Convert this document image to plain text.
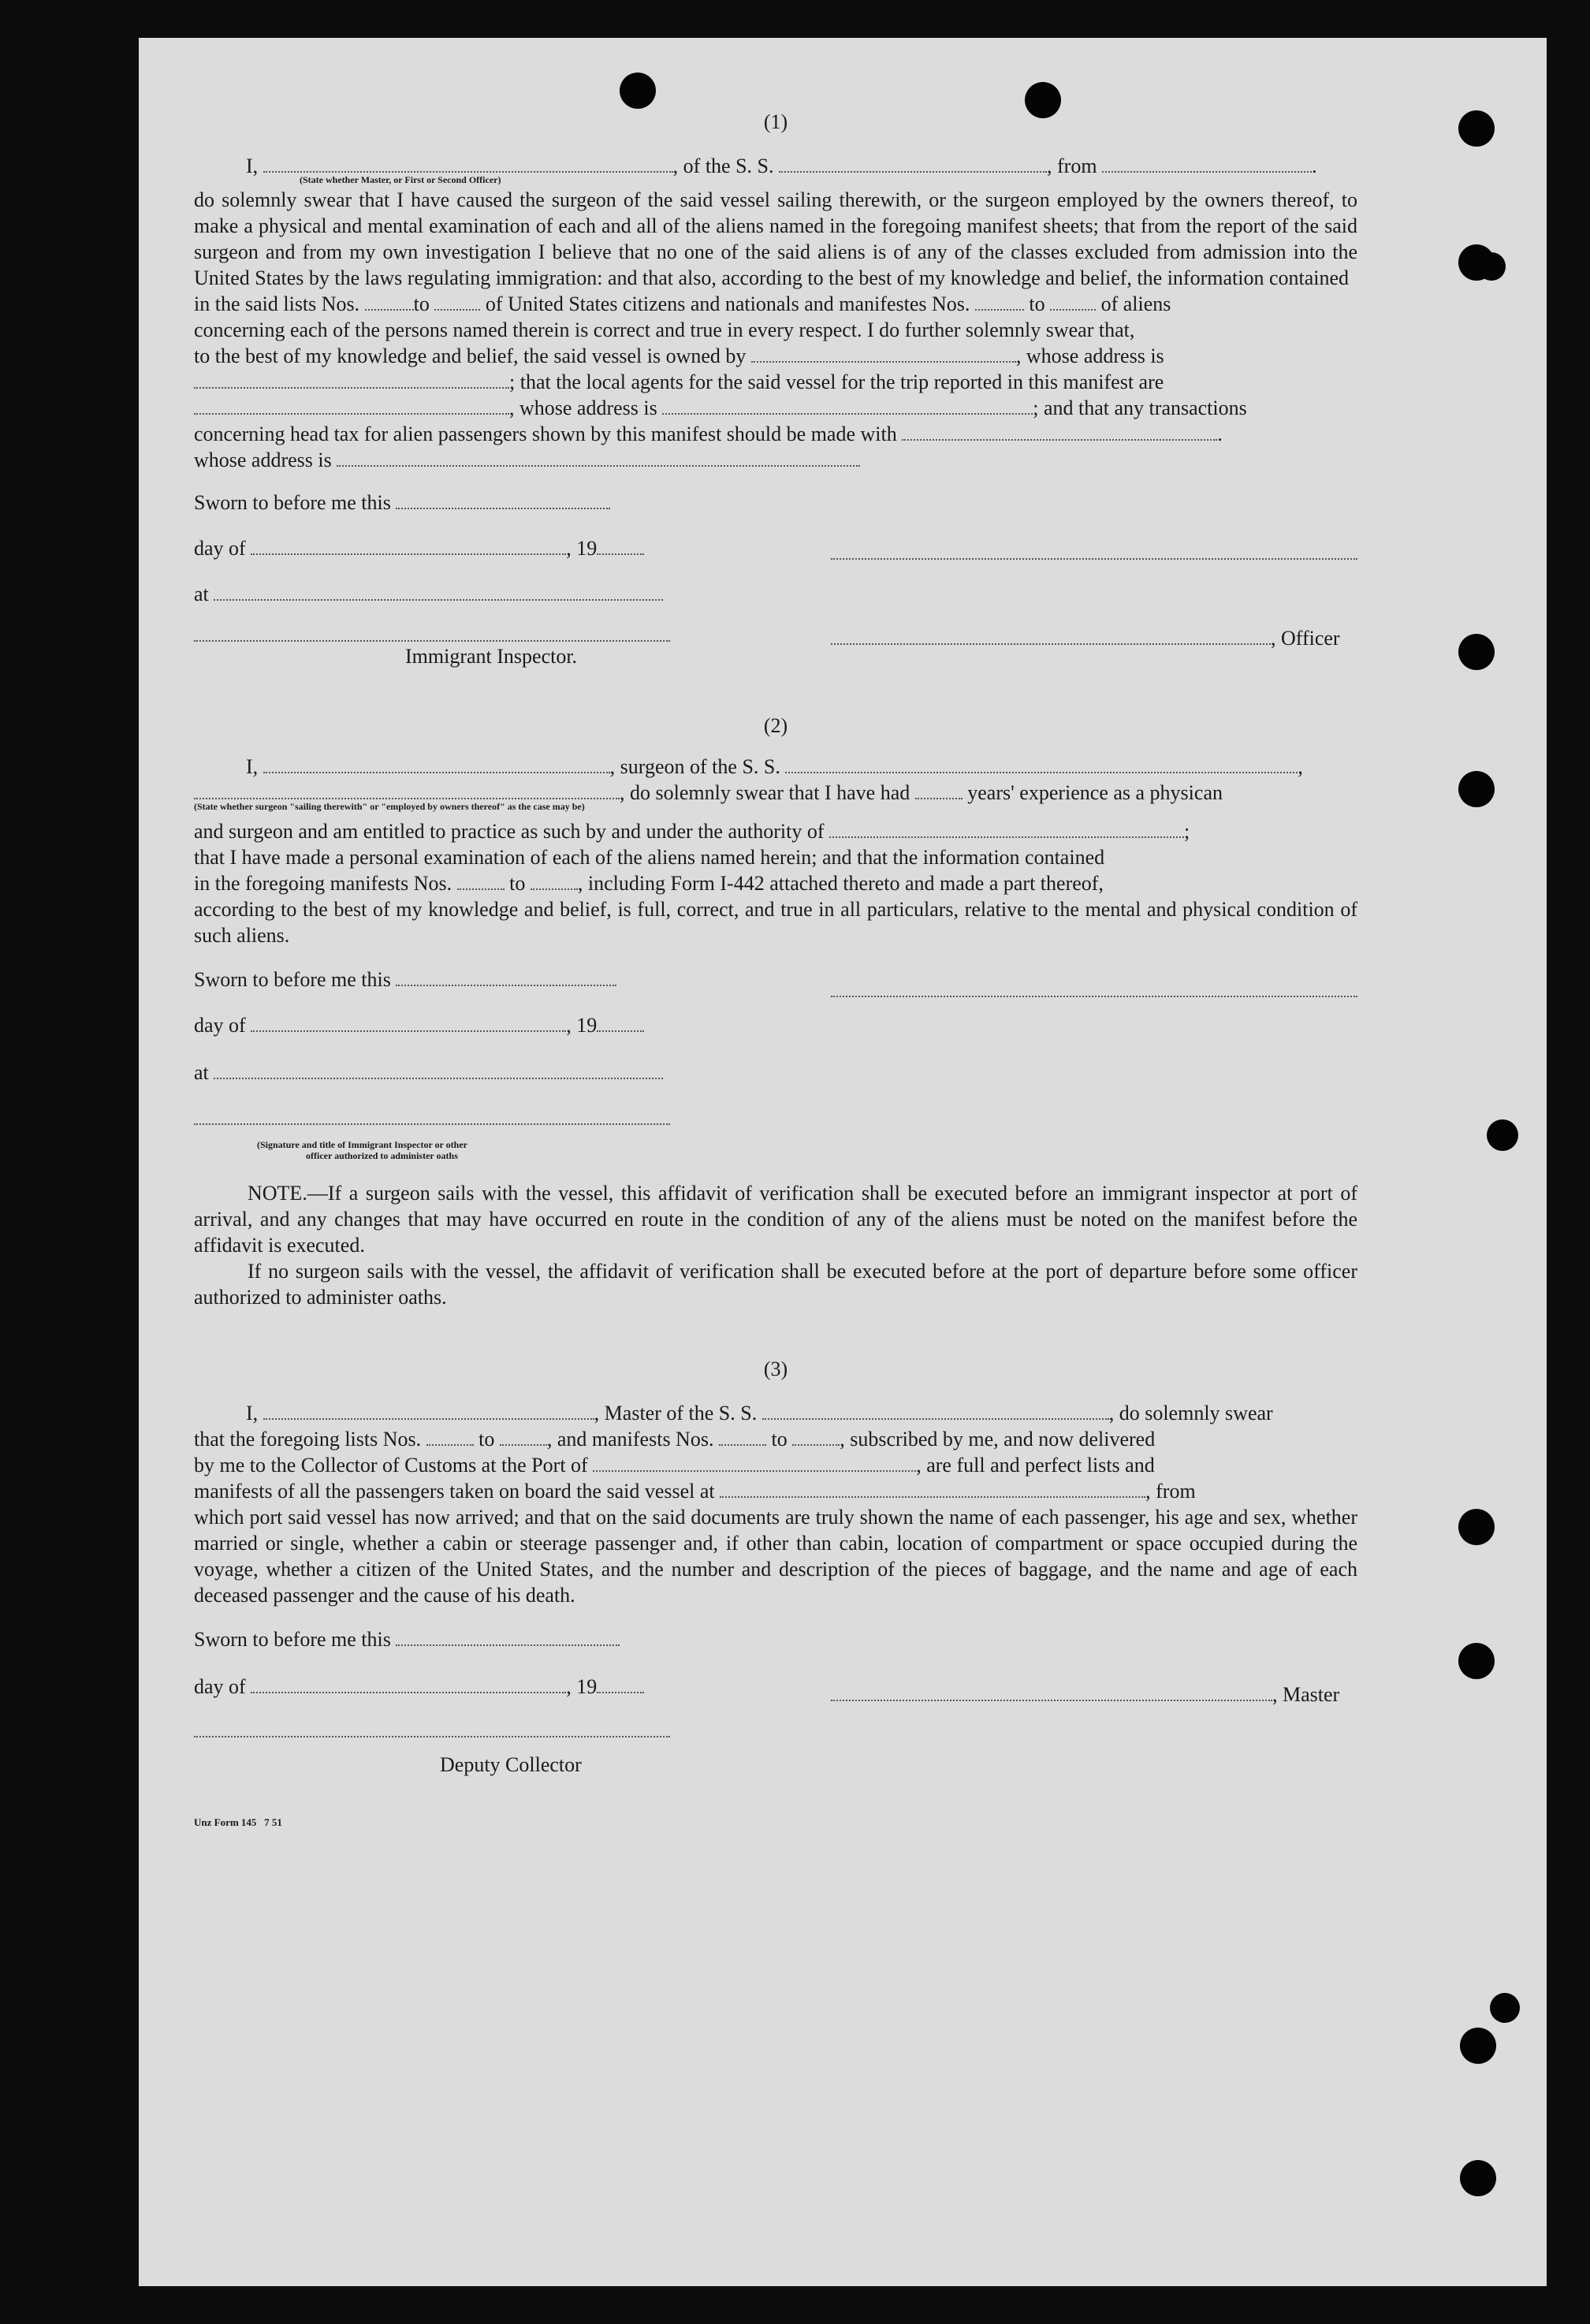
(1)
I,	, of the S. S.	, from	.
(State whether Master, or First or Second Officer)
do solemnly swear that I have caused the surgeon of the said vessel sailing therewith, or the surgeon employed by the owners thereof, to make a physical and mental examination of each and all of the aliens named in the foregoing manifest sheets; that from the report of the said surgeon and from my own investigation I believe that no one of the said aliens is of any of the classes excluded from admission into the United States by the laws regulating immigration: and that also, according to the best of my knowledge and belief, the information contained
in the said lists Nos.	to	of United States citizens and nationals and manifestes Nos.	to	of aliens
concerning each of the persons named therein is correct and true in every respect. I do further solemnly swear that,
to the best of my knowledge and belief, the said vessel is owned by	, whose address is
; that the local agents for the said vessel for the trip reported in this manifest are
, whose address is	; and that any transactions
concerning head tax for alien passengers shown by this manifest should be made with	.
whose address is
Sworn to before me this
day of	, 19
at
, Officer
Immigrant Inspector.
(2)
I,	, surgeon of the S. S.	,
, do solemnly swear that I have had	years' experience as a physican
(State whether surgeon "sailing therewith" or "employed by owners thereof" as the case may be)
and surgeon and am entitled to practice as such by and under the authority of	;
that I have made a personal examination of each of the aliens named herein; and that the information contained
in the foregoing manifests Nos.	to	, including Form I-442 attached thereto and made a part thereof,
according to the best of my knowledge and belief, is full, correct, and true in all particulars, relative to the mental and physical condition of such aliens.
Sworn to before me this
day of	, 19
at
(Signature and title of Immigrant Inspector or other
officer authorized to administer oaths
NOTE.—If a surgeon sails with the vessel, this affidavit of verification shall be executed before an immigrant inspector at port of arrival, and any changes that may have occurred en route in the condition of any of the aliens must be noted on the manifest before the affidavit is executed.
If no surgeon sails with the vessel, the affidavit of verification shall be executed before at the port of departure before some officer authorized to administer oaths.
(3)
I,	, Master of the S. S.	, do solemnly swear
that the foregoing lists Nos.	to	, and manifests Nos.	to	, subscribed by me, and now delivered
by me to the Collector of Customs at the Port of	, are full and perfect lists and
manifests of all the passengers taken on board the said vessel at	, from
which port said vessel has now arrived; and that on the said documents are truly shown the name of each passenger, his age and sex, whether married or single, whether a cabin or steerage passenger and, if other than cabin, location of compartment or space occupied during the voyage, whether a citizen of the United States, and the number and description of the pieces of baggage, and the name and age of each deceased passenger and the cause of his death.
Sworn to before me this
day of	, 19	, Master
Deputy Collector
Unz Form 145   7 51
